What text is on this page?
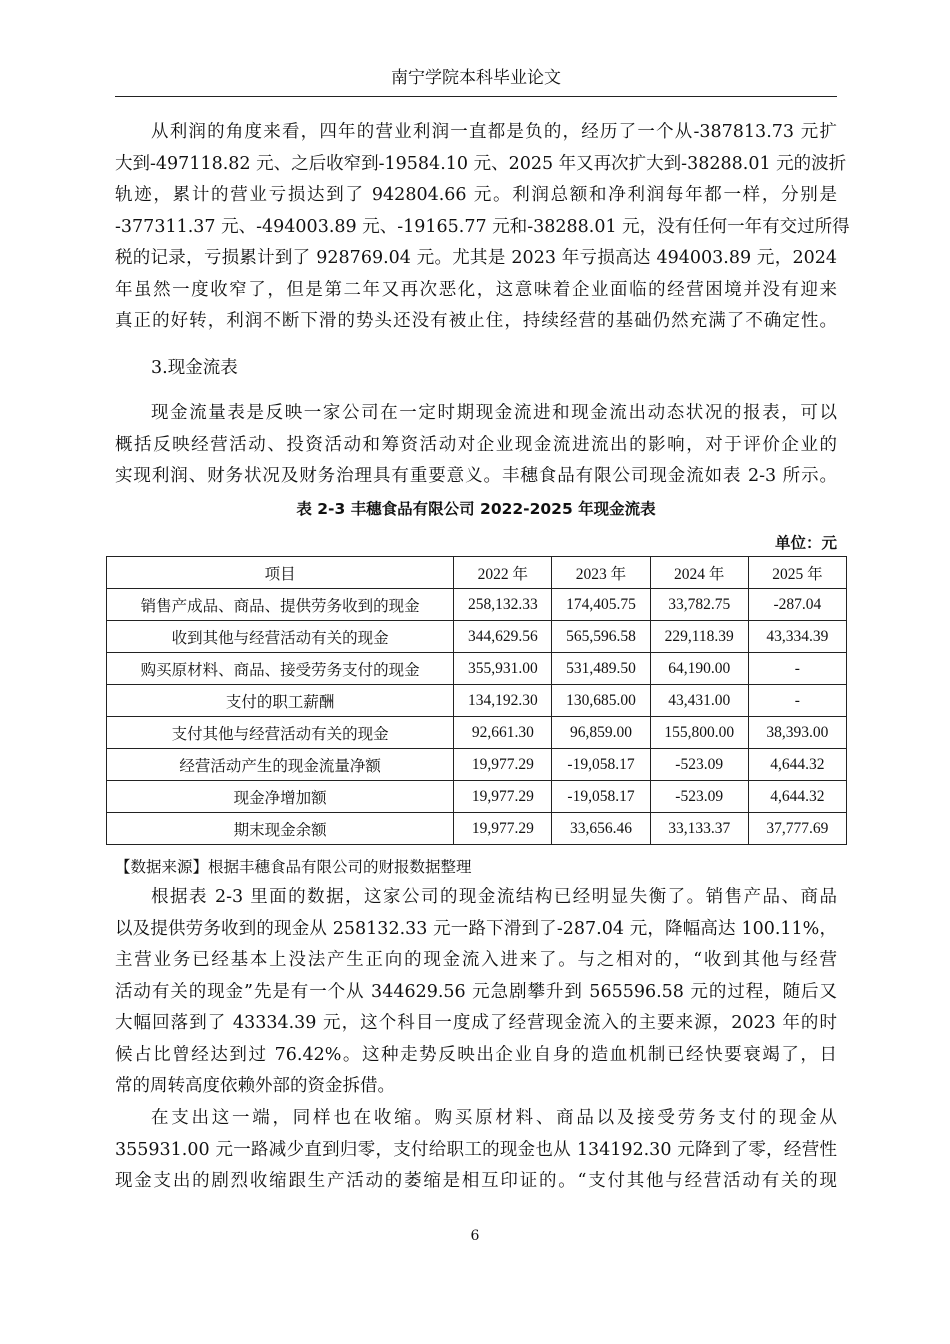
南宁学院本科毕业论文
从利润的角度来看，四年的营业利润一直都是负的，经历了一个从-387813.73 元扩
大到-497118.82 元、之后收窄到-19584.10 元、2025 年又再次扩大到-38288.01 元的波折
轨迹，累计的营业亏损达到了 942804.66 元。利润总额和净利润每年都一样，分别是
-377311.37 元、-494003.89 元、-19165.77 元和-38288.01 元，没有任何一年有交过所得
税的记录，亏损累计到了 928769.04 元。尤其是 2023 年亏损高达 494003.89 元，2024
年虽然一度收窄了，但是第二年又再次恶化，这意味着企业面临的经营困境并没有迎来
真正的好转，利润不断下滑的势头还没有被止住，持续经营的基础仍然充满了不确定性。
3.现金流表
现金流量表是反映一家公司在一定时期现金流进和现金流出动态状况的报表，可以
概括反映经营活动、投资活动和筹资活动对企业现金流进流出的影响，对于评价企业的
实现利润、财务状况及财务治理具有重要意义。丰穗食品有限公司现金流如表 2-3 所示。
表 2-3 丰穗食品有限公司 2022-2025 年现金流表
单位：元
项目	2022 年	2023 年	2024 年	2025 年
销售产成品、商品、提供劳务收到的现金	258,132.33	174,405.75	33,782.75	-287.04
收到其他与经营活动有关的现金	344,629.56	565,596.58	229,118.39	43,334.39
购买原材料、商品、接受劳务支付的现金	355,931.00	531,489.50	64,190.00	-
支付的职工薪酬	134,192.30	130,685.00	43,431.00	-
支付其他与经营活动有关的现金	92,661.30	96,859.00	155,800.00	38,393.00
经营活动产生的现金流量净额	19,977.29	-19,058.17	-523.09	4,644.32
现金净增加额	19,977.29	-19,058.17	-523.09	4,644.32
期末现金余额	19,977.29	33,656.46	33,133.37	37,777.69
【数据来源】根据丰穗食品有限公司的财报数据整理
根据表 2-3 里面的数据，这家公司的现金流结构已经明显失衡了。销售产品、商品
以及提供劳务收到的现金从 258132.33 元一路下滑到了-287.04 元，降幅高达 100.11%，
主营业务已经基本上没法产生正向的现金流入进来了。与之相对的，“收到其他与经营
活动有关的现金”先是有一个从 344629.56 元急剧攀升到 565596.58 元的过程，随后又
大幅回落到了 43334.39 元，这个科目一度成了经营现金流入的主要来源，2023 年的时
候占比曾经达到过 76.42%。这种走势反映出企业自身的造血机制已经快要衰竭了，日
常的周转高度依赖外部的资金拆借。
在支出这一端，同样也在收缩。购买原材料、商品以及接受劳务支付的现金从
355931.00 元一路减少直到归零，支付给职工的现金也从 134192.30 元降到了零，经营性
现金支出的剧烈收缩跟生产活动的萎缩是相互印证的。“支付其他与经营活动有关的现
6
